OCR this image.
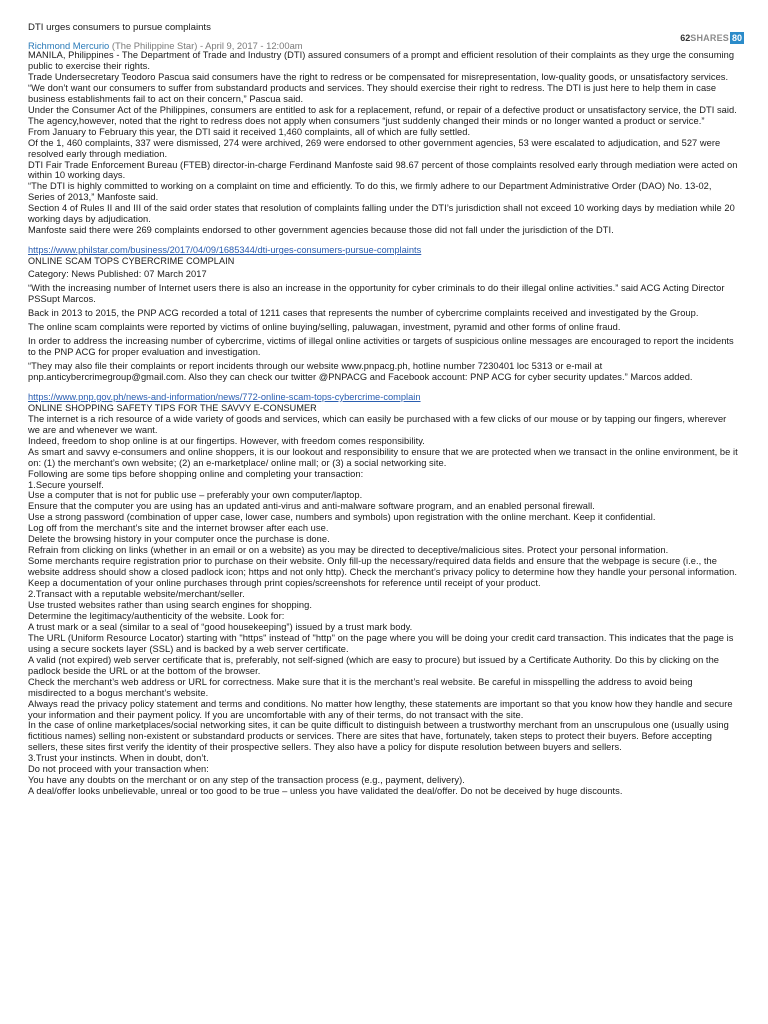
DTI urges consumers to pursue complaints
Richmond Mercurio (The Philippine Star) - April 9, 2017 - 12:00am
62SHARES 80

MANILA, Philippines - The Department of Trade and Industry (DTI) assured consumers of a prompt and efficient resolution of their complaints as they urge the consuming public to exercise their rights.

Trade Undersecretary Teodoro Pascua said consumers have the right to redress or be compensated for misrepresentation, low-quality goods, or unsatisfactory services.

“We don’t want our consumers to suffer from substandard products and services. They should exercise their right to redress. The DTI is just here to help them in case business establishments fail to act on their concern,” Pascua said.

Under the Consumer Act of the Philippines, consumers are entitled to ask for a replacement, refund, or repair of a defective product or unsatisfactory service, the DTI said.

The agency,however, noted that the right to redress does not apply when consumers “just suddenly changed their minds or no longer wanted a product or service.”

From January to February this year, the DTI said it received 1,460 complaints, all of which are fully settled.

Of the 1, 460 complaints, 337 were dismissed, 274 were archived, 269 were endorsed to other government agencies, 53 were escalated to adjudication, and 527 were resolved early through mediation.

DTI Fair Trade Enforcement Bureau (FTEB) director-in-charge Ferdinand Manfoste said 98.67 percent of those complaints resolved early through mediation were acted on within 10 working days.

“The DTI is highly committed to working on a complaint on time and efficiently. To do this, we firmly adhere to our Department Administrative Order (DAO) No. 13-02, Series of 2013,” Manfoste said.

Section 4 of Rules II and III of the said order states that resolution of complaints falling under the DTI’s jurisdiction shall not exceed 10 working days by mediation while 20 working days by adjudication.

Manfoste said there were 269 complaints endorsed to other government agencies because those did not fall under the jurisdiction of the DTI.

https://www.philstar.com/business/2017/04/09/1685344/dti-urges-consumers-pursue-complaints
ONLINE SCAM TOPS CYBERCRIME COMPLAIN

Category: News Published: 07 March 2017

“With the increasing number of Internet users there is also an increase in the opportunity for cyber criminals to do their illegal online activities.” said ACG Acting Director PSSupt Marcos.

Back in 2013 to 2015, the PNP ACG recorded a total of 1211 cases that represents the number of cybercrime complaints received and investigated by the Group.

The online scam complaints were reported by victims of online buying/selling, paluwagan, investment, pyramid and other forms of online fraud.

In order to address the increasing number of cybercrime, victims of illegal online activities or targets of suspicious online messages are encouraged to report the incidents to the PNP ACG for proper evaluation and investigation.

“They may also file their complaints or report incidents through our website www.pnpacg.ph, hotline number 7230401 loc 5313 or e-mail at pnp.anticybercrimegroup@gmail.com. Also they can check our twitter @PNPACG and Facebook account: PNP ACG for cyber security updates.” Marcos added.

https://www.pnp.gov.ph/news-and-information/news/772-online-scam-tops-cybercrime-complain
ONLINE SHOPPING SAFETY TIPS FOR THE SAVVY E-CONSUMER

The internet is a rich resource of a wide variety of goods and services, which can easily be purchased with a few clicks of our mouse or by tapping our fingers, wherever we are and whenever we want.

Indeed, freedom to shop online is at our fingertips. However, with freedom comes responsibility.

As smart and savvy e-consumers and online shoppers, it is our lookout and responsibility to ensure that we are protected when we transact in the online environment, be it on: (1) the merchant’s own website; (2) an e-marketplace/ online mall; or (3) a social networking site.

Following are some tips before shopping online and completing your transaction:

1.Secure yourself.

Use a computer that is not for public use – preferably your own computer/laptop.

Ensure that the computer you are using has an updated anti-virus and anti-malware software program, and an enabled personal firewall.

Use a strong password (combination of upper case, lower case, numbers and symbols) upon registration with the online merchant. Keep it confidential.

Log off from the merchant’s site and the internet browser after each use.

Delete the browsing history in your computer once the purchase is done.

Refrain from clicking on links (whether in an email or on a website) as you may be directed to deceptive/malicious sites. Protect your personal information.

Some merchants require registration prior to purchase on their website. Only fill-up the necessary/required data fields and ensure that the webpage is secure (i.e., the website address should show a closed padlock icon; https and not only http). Check the merchant’s privacy policy to determine how they handle your personal information.

Keep a documentation of your online purchases through print copies/screenshots for reference until receipt of your product.

2.Transact with a reputable website/merchant/seller.

Use trusted websites rather than using search engines for shopping.

Determine the legitimacy/authenticity of the website. Look for:

A trust mark or a seal (similar to a seal of “good housekeeping”) issued by a trust mark body.

The URL (Uniform Resource Locator) starting with "https" instead of "http" on the page where you will be doing your credit card transaction. This indicates that the page is using a secure sockets layer (SSL) and is backed by a web server certificate.

A valid (not expired) web server certificate that is, preferably, not self-signed (which are easy to procure) but issued by a Certificate Authority. Do this by clicking on the padlock beside the URL or at the bottom of the browser.

Check the merchant’s web address or URL for correctness. Make sure that it is the merchant’s real website. Be careful in misspelling the address to avoid being misdirected to a bogus merchant’s website.

Always read the privacy policy statement and terms and conditions. No matter how lengthy, these statements are important so that you know how they handle and secure your information and their payment policy. If you are uncomfortable with any of their terms, do not transact with the site.

In the case of online marketplaces/social networking sites, it can be quite difficult to distinguish between a trustworthy merchant from an unscrupulous one (usually using fictitious names) selling non-existent or substandard products or services. There are sites that have, fortunately, taken steps to protect their buyers. Before accepting sellers, these sites first verify the identity of their prospective sellers. They also have a policy for dispute resolution between buyers and sellers.

3.Trust your instincts. When in doubt, don’t.

Do not proceed with your transaction when:

You have any doubts on the merchant or on any step of the transaction process (e.g., payment, delivery).

A deal/offer looks unbelievable, unreal or too good to be true – unless you have validated the deal/offer. Do not be deceived by huge discounts.
